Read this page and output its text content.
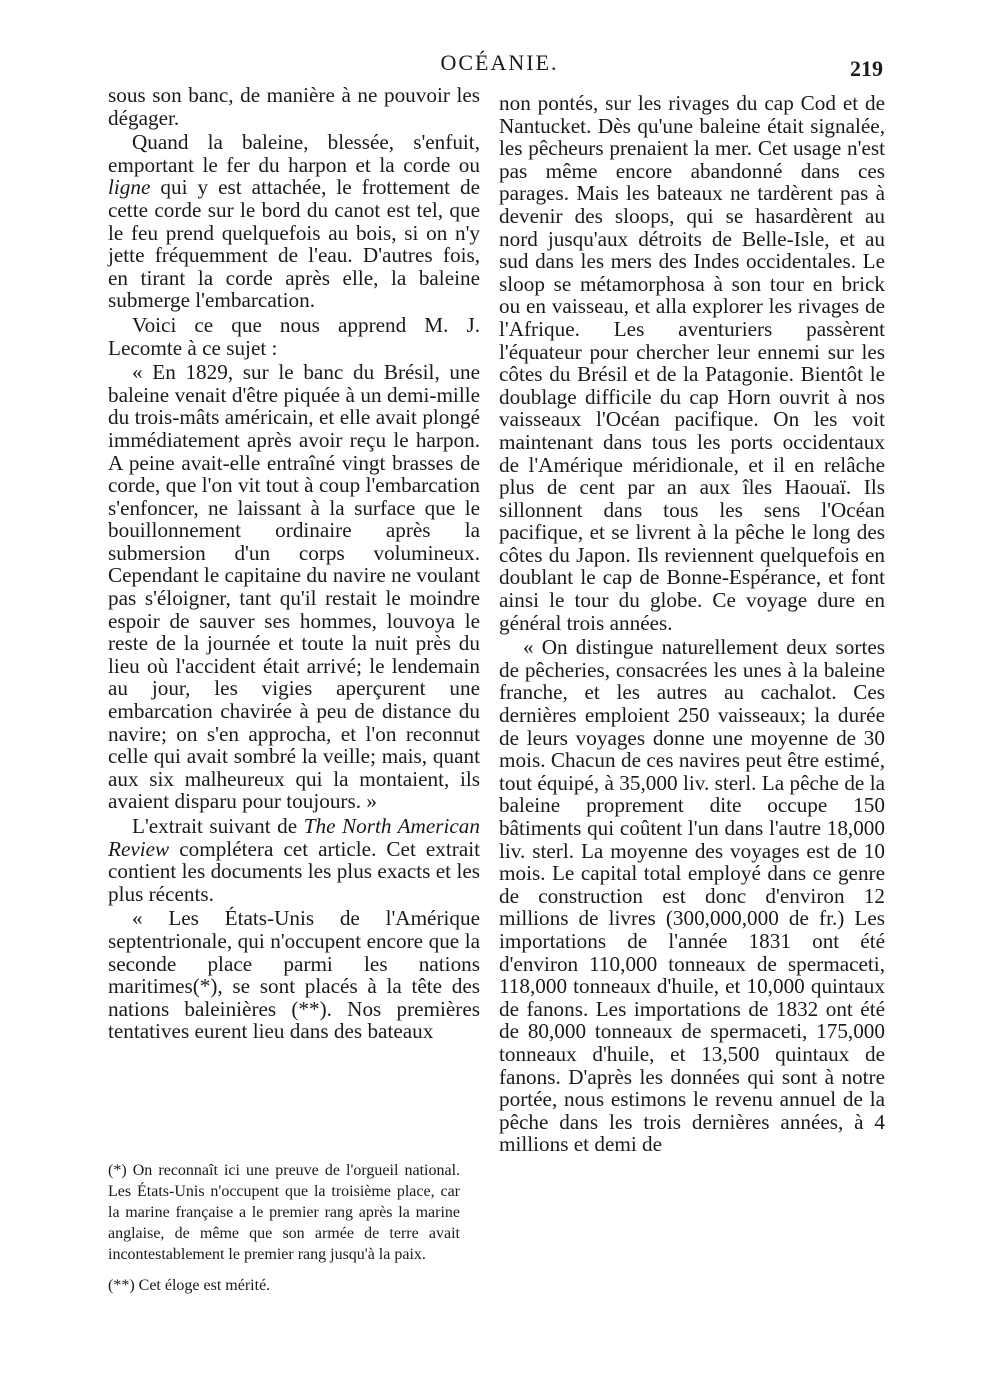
OCÉANIE.	219

sous son banc, de manière à ne pouvoir les dégager.

Quand la baleine, blessée, s'enfuit, emportant le fer du harpon et la corde ou ligne qui y est attachée, le frottement de cette corde sur le bord du canot est tel, que le feu prend quelquefois au bois, si on n'y jette fréquemment de l'eau. D'autres fois, en tirant la corde après elle, la baleine submerge l'embarcation.

Voici ce que nous apprend M. J. Lecomte à ce sujet :

« En 1829, sur le banc du Brésil, une baleine venait d'être piquée à un demi-mille du trois-mâts américain, et elle avait plongé immédiatement après avoir reçu le harpon. A peine avait-elle entraîné vingt brasses de corde, que l'on vit tout à coup l'embarcation s'enfoncer, ne laissant à la surface que le bouillonnement ordinaire après la submersion d'un corps volumineux. Cependant le capitaine du navire ne voulant pas s'éloigner, tant qu'il restait le moindre espoir de sauver ses hommes, louvoya le reste de la journée et toute la nuit près du lieu où l'accident était arrivé; le lendemain au jour, les vigies aperçurent une embarcation chavirée à peu de distance du navire; on s'en approcha, et l'on reconnut celle qui avait sombré la veille; mais, quant aux six malheureux qui la montaient, ils avaient disparu pour toujours. »

L'extrait suivant de The North American Review complétera cet article. Cet extrait contient les documents les plus exacts et les plus récents.

« Les États-Unis de l'Amérique septentrionale, qui n'occupent encore que la seconde place parmi les nations maritimes(*), se sont placés à la tête des nations baleinières (**). Nos premières tentatives eurent lieu dans des bateaux

non pontés, sur les rivages du cap Cod et de Nantucket. Dès qu'une baleine était signalée, les pêcheurs prenaient la mer. Cet usage n'est pas même encore abandonné dans ces parages. Mais les bateaux ne tardèrent pas à devenir des sloops, qui se hasardèrent au nord jusqu'aux détroits de Belle-Isle, et au sud dans les mers des Indes occidentales. Le sloop se métamorphosa à son tour en brick ou en vaisseau, et alla explorer les rivages de l'Afrique. Les aventuriers passèrent l'équateur pour chercher leur ennemi sur les côtes du Brésil et de la Patagonie. Bientôt le doublage difficile du cap Horn ouvrit à nos vaisseaux l'Océan pacifique. On les voit maintenant dans tous les ports occidentaux de l'Amérique méridionale, et il en relâche plus de cent par an aux îles Haouaï. Ils sillonnent dans tous les sens l'Océan pacifique, et se livrent à la pêche le long des côtes du Japon. Ils reviennent quelquefois en doublant le cap de Bonne-Espérance, et font ainsi le tour du globe. Ce voyage dure en général trois années.

« On distingue naturellement deux sortes de pêcheries, consacrées les unes à la baleine franche, et les autres au cachalot. Ces dernières emploient 250 vaisseaux; la durée de leurs voyages donne une moyenne de 30 mois. Chacun de ces navires peut être estimé, tout équipé, à 35,000 liv. sterl. La pêche de la baleine proprement dite occupe 150 bâtiments qui coûtent l'un dans l'autre 18,000 liv. sterl. La moyenne des voyages est de 10 mois. Le capital total employé dans ce genre de construction est donc d'environ 12 millions de livres (300,000,000 de fr.) Les importations de l'année 1831 ont été d'environ 110,000 tonneaux de spermaceti, 118,000 tonneaux d'huile, et 10,000 quintaux de fanons. Les importations de 1832 ont été de 80,000 tonneaux de spermaceti, 175,000 tonneaux d'huile, et 13,500 quintaux de fanons. D'après les données qui sont à notre portée, nous estimons le revenu annuel de la pêche dans les trois dernières années, à 4 millions et demi de

(*) On reconnaît ici une preuve de l'orgueil national. Les États-Unis n'occupent que la troisième place, car la marine française a le premier rang après la marine anglaise, de même que son armée de terre avait incontestablement le premier rang jusqu'à la paix.

(**) Cet éloge est mérité.
